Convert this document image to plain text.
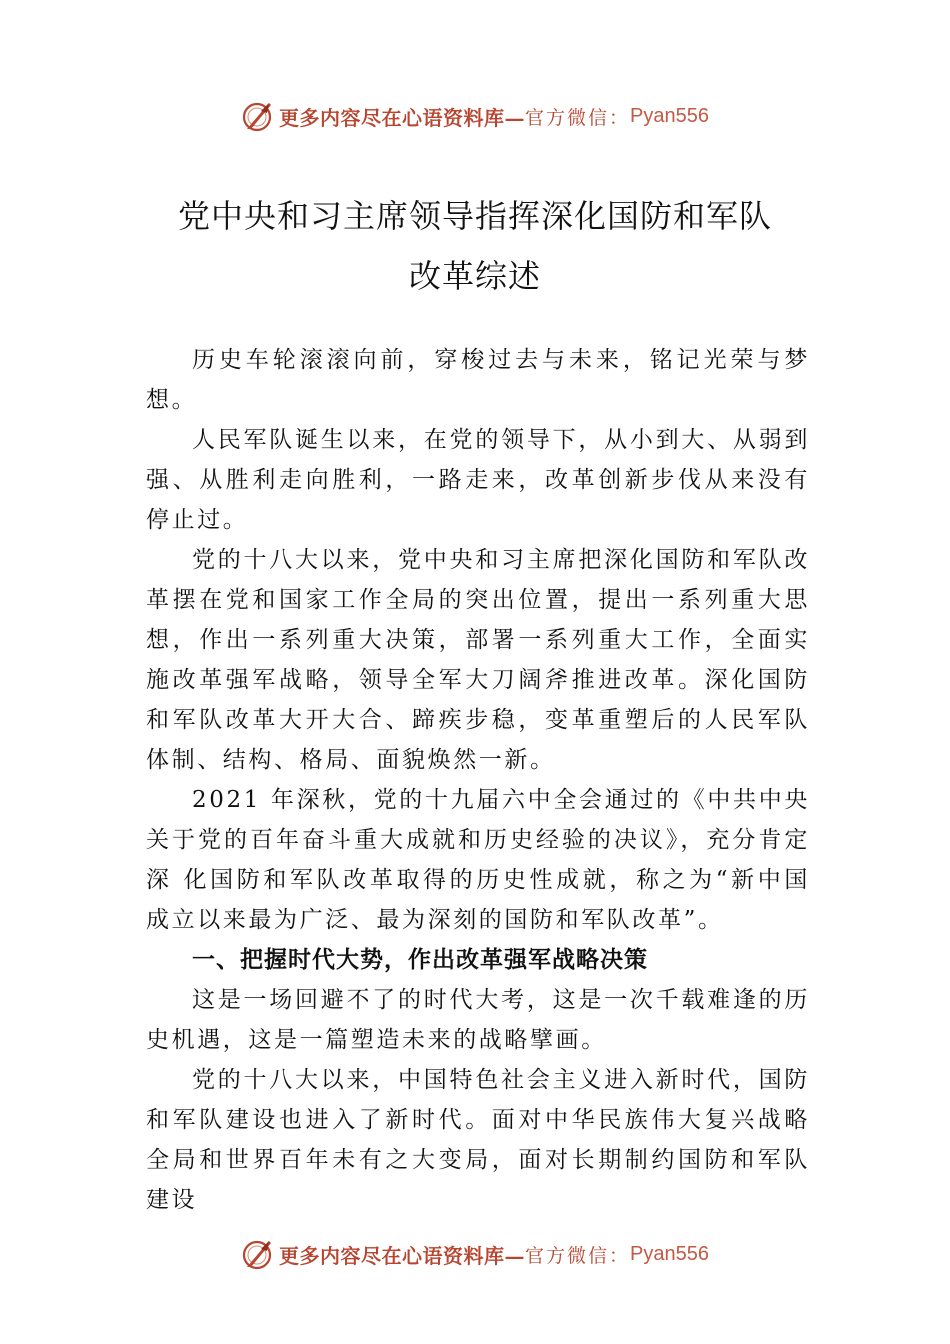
更多内容尽在心语资料库— 官方微信： Pyan556
党中央和习主席领导指挥深化国防和军队
改革综述

历史车轮滚滚向前，穿梭过去与未来，铭记光荣与梦想。

人民军队诞生以来，在党的领导下，从小到大、从弱到强、从胜利走向胜利，一路走来，改革创新步伐从来没有停止过。

党的十八大以来，党中央和习主席把深化国防和军队改革摆在党和国家工作全局的突出位置，提出一系列重大思想，作出一系列重大决策，部署一系列重大工作，全面实施改革强军战略，领导全军大刀阔斧推进改革。深化国防和军队改革大开大合、蹄疾步稳，变革重塑后的人民军队体制、结构、格局、面貌焕然一新。

2021 年深秋，党的十九届六中全会通过的《中共中央关于党的百年奋斗重大成就和历史经验的决议》，充分肯定深 化国防和军队改革取得的历史性成就，称之为“新中国成立以来最为广泛、最为深刻的国防和军队改革”。

一、把握时代大势，作出改革强军战略决策

这是一场回避不了的时代大考，这是一次千载难逢的历史机遇，这是一篇塑造未来的战略擘画。

党的十八大以来，中国特色社会主义进入新时代，国防和军队建设也进入了新时代。面对中华民族伟大复兴战略全局和世界百年未有之大变局，面对长期制约国防和军队建设

更多内容尽在心语资料库— 官方微信： Pyan556
